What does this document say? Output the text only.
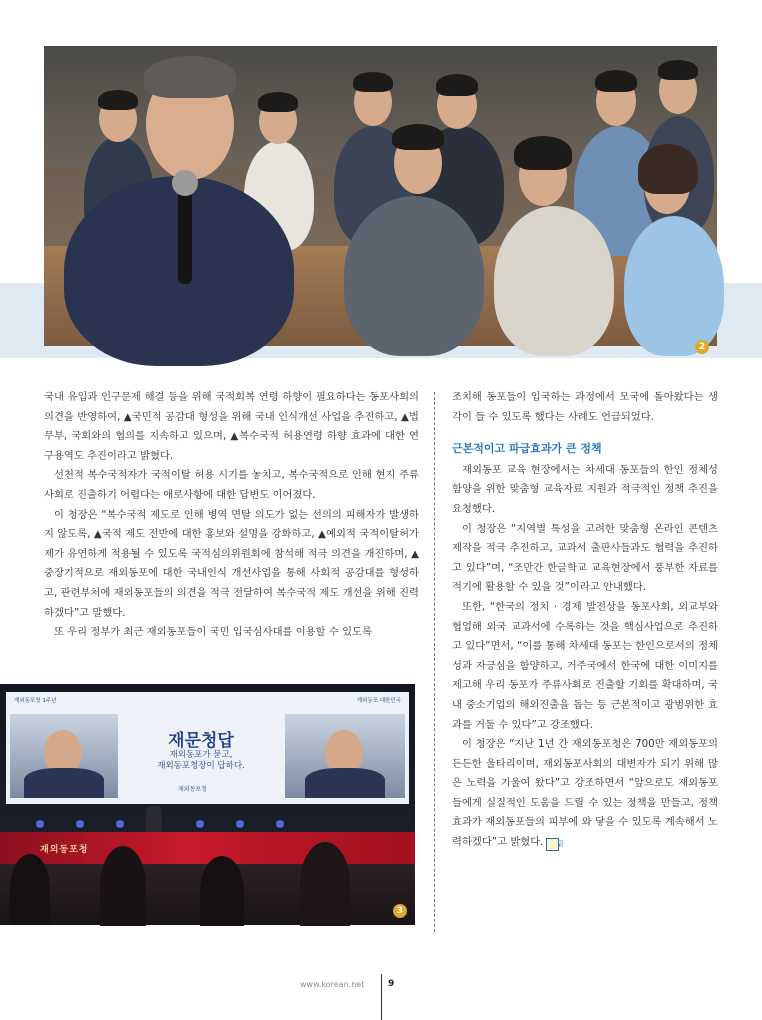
2

국내 유입과 인구문제 해결 등을 위해 국적회복 연령 하향이 필요하다는 동포사회의 의견을 반영하여, ▲국민적 공감대 형성을 위해 국내 인식개선 사업을 추진하고, ▲법무부, 국회와의 협의를 지속하고 있으며, ▲복수국적 허용연령 하향 효과에 대한 연구용역도 추진이라고 밝혔다.

선천적 복수국적자가 국적이탈 허용 시기를 놓치고, 복수국적으로 인해 현지 주류사회로 진출하기 어렵다는 애로사항에 대한 답변도 이어졌다.

이 청장은 “복수국적 제도로 인해 병역 면탈 의도가 없는 선의의 피해자가 발생하지 않도록, ▲국적 제도 전반에 대한 홍보와 설명을 강화하고, ▲예외적 국적이탈허가제가 유연하게 적용될 수 있도록 국적심의위원회에 참석해 적극 의견을 개진하며, ▲중장기적으로 재외동포에 대한 국내인식 개선사업을 통해 사회적 공감대를 형성하고, 관련부처에 재외동포들의 의견을 적극 전달하여 복수국적 제도 개선을 위해 진력하겠다”고 말했다.

또 우리 정부가 최근 재외동포들이 국민 입국심사대를 이용할 수 있도록

조치해 동포들이 입국하는 과정에서 모국에 돌아왔다는 생각이 들 수 있도록 했다는 사례도 언급되었다.

근본적이고 파급효과가 큰 정책

재외동포 교육 현장에서는 차세대 동포들의 한인 정체성 함양을 위한 맞춤형 교육자료 지원과 적극적인 정책 추진을 요청했다.

이 청장은 “지역별 특성을 고려한 맞춤형 온라인 콘텐츠 제작을 적극 추진하고, 교과서 출판사들과도 협력을 추진하고 있다”며, “조만간 한글학교 교육현장에서 풍부한 자료를 적기에 활용할 수 있을 것”이라고 안내했다.

또한, “한국의 정치 · 경제 발전상을 동포사회, 외교부와 협업해 외국 교과서에 수록하는 것을 핵심사업으로 추진하고 있다”면서, “이를 통해 차세대 동포는 한인으로서의 정체성과 자긍심을 함양하고, 거주국에서 한국에 대한 이미지를 제고해 우리 동포가 주류사회로 진출할 기회를 확대하며, 국내 중소기업의 해외진출을 돕는 등 근본적이고 광범위한 효과를 거둘 수 있다”고 강조했다.

이 청장은 “지난 1년 간 재외동포청은 700만 재외동포의 든든한 울타리이며, 재외동포사회의 대변자가 되기 위해 많은 노력을 기울여 왔다”고 강조하면서 “앞으로도 재외동포들에게 실질적인 도움을 드릴 수 있는 정책을 만들고, 정책 효과가 재외동포들의 피부에 와 닿을 수 있도록 계속해서 노력하겠다”고 밝혔다. 끝

재외동포청 1주년	재외동포 대한민국
재문청답
재외동포가 묻고,
재외동포청장이 답하다.
재외동포청
재외동포청
3
www.korean.net	9
